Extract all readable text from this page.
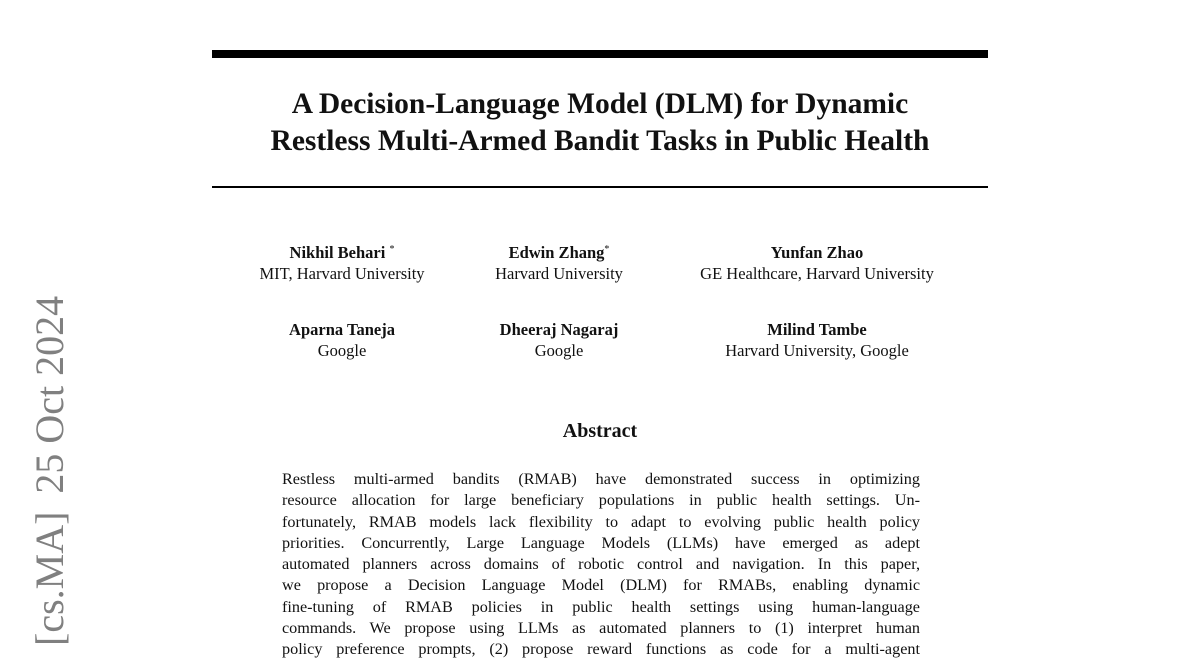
[cs.MA]25 Oct 2024
A Decision-Language Model (DLM) for Dynamic
Restless Multi-Armed Bandit Tasks in Public Health
Nikhil Behari *
MIT, Harvard University
Edwin Zhang*
Harvard University
Yunfan Zhao
GE Healthcare, Harvard University
Aparna Taneja
Google
Dheeraj Nagaraj
Google
Milind Tambe
Harvard University, Google
Abstract
Restless multi-armed bandits (RMAB) have demonstrated success in optimizing
resource allocation for large beneficiary populations in public health settings. Un-
fortunately, RMAB models lack flexibility to adapt to evolving public health policy
priorities. Concurrently, Large Language Models (LLMs) have emerged as adept
automated planners across domains of robotic control and navigation. In this paper,
we propose a Decision Language Model (DLM) for RMABs, enabling dynamic
fine-tuning of RMAB policies in public health settings using human-language
commands. We propose using LLMs as automated planners to (1) interpret human
policy preference prompts, (2) propose reward functions as code for a multi-agent
